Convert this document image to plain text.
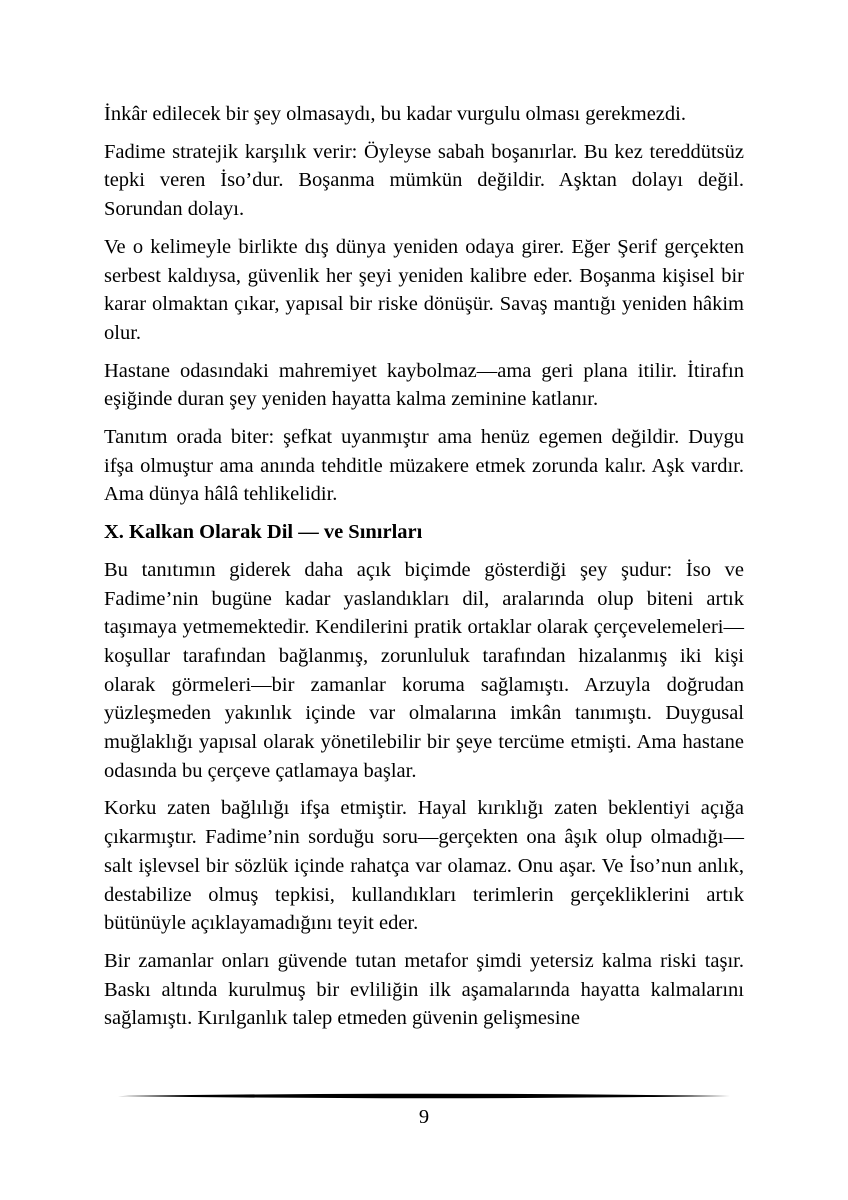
İnkâr edilecek bir şey olmasaydı, bu kadar vurgulu olması gerekmezdi.

Fadime stratejik karşılık verir: Öyleyse sabah boşanırlar. Bu kez tereddütsüz tepki veren İso’dur. Boşanma mümkün değildir. Aşktan dolayı değil. Sorundan dolayı.

Ve o kelimeyle birlikte dış dünya yeniden odaya girer. Eğer Şerif gerçekten serbest kaldıysa, güvenlik her şeyi yeniden kalibre eder. Boşanma kişisel bir karar olmaktan çıkar, yapısal bir riske dönüşür. Savaş mantığı yeniden hâkim olur.

Hastane odasındaki mahremiyet kaybolmaz—ama geri plana itilir. İtirafın eşiğinde duran şey yeniden hayatta kalma zeminine katlanır.

Tanıtım orada biter: şefkat uyanmıştır ama henüz egemen değildir. Duygu ifşa olmuştur ama anında tehditle müzakere etmek zorunda kalır. Aşk vardır. Ama dünya hâlâ tehlikelidir.

X. Kalkan Olarak Dil — ve Sınırları

Bu tanıtımın giderek daha açık biçimde gösterdiği şey şudur: İso ve Fadime’nin bugüne kadar yaslandıkları dil, aralarında olup biteni artık taşımaya yetmemektedir. Kendilerini pratik ortaklar olarak çerçevelemeleri—koşullar tarafından bağlanmış, zorunluluk tarafından hizalanmış iki kişi olarak görmeleri—bir zamanlar koruma sağlamıştı. Arzuyla doğrudan yüzleşmeden yakınlık içinde var olmalarına imkân tanımıştı. Duygusal muğlaklığı yapısal olarak yönetilebilir bir şeye tercüme etmişti. Ama hastane odasında bu çerçeve çatlamaya başlar.

Korku zaten bağlılığı ifşa etmiştir. Hayal kırıklığı zaten beklentiyi açığa çıkarmıştır. Fadime’nin sorduğu soru—gerçekten ona âşık olup olmadığı—salt işlevsel bir sözlük içinde rahatça var olamaz. Onu aşar. Ve İso’nun anlık, destabilize olmuş tepkisi, kullandıkları terimlerin gerçekliklerini artık bütünüyle açıklayamadığını teyit eder.

Bir zamanlar onları güvende tutan metafor şimdi yetersiz kalma riski taşır. Baskı altında kurulmuş bir evliliğin ilk aşamalarında hayatta kalmalarını sağlamıştı. Kırılganlık talep etmeden güvenin gelişmesine

9
